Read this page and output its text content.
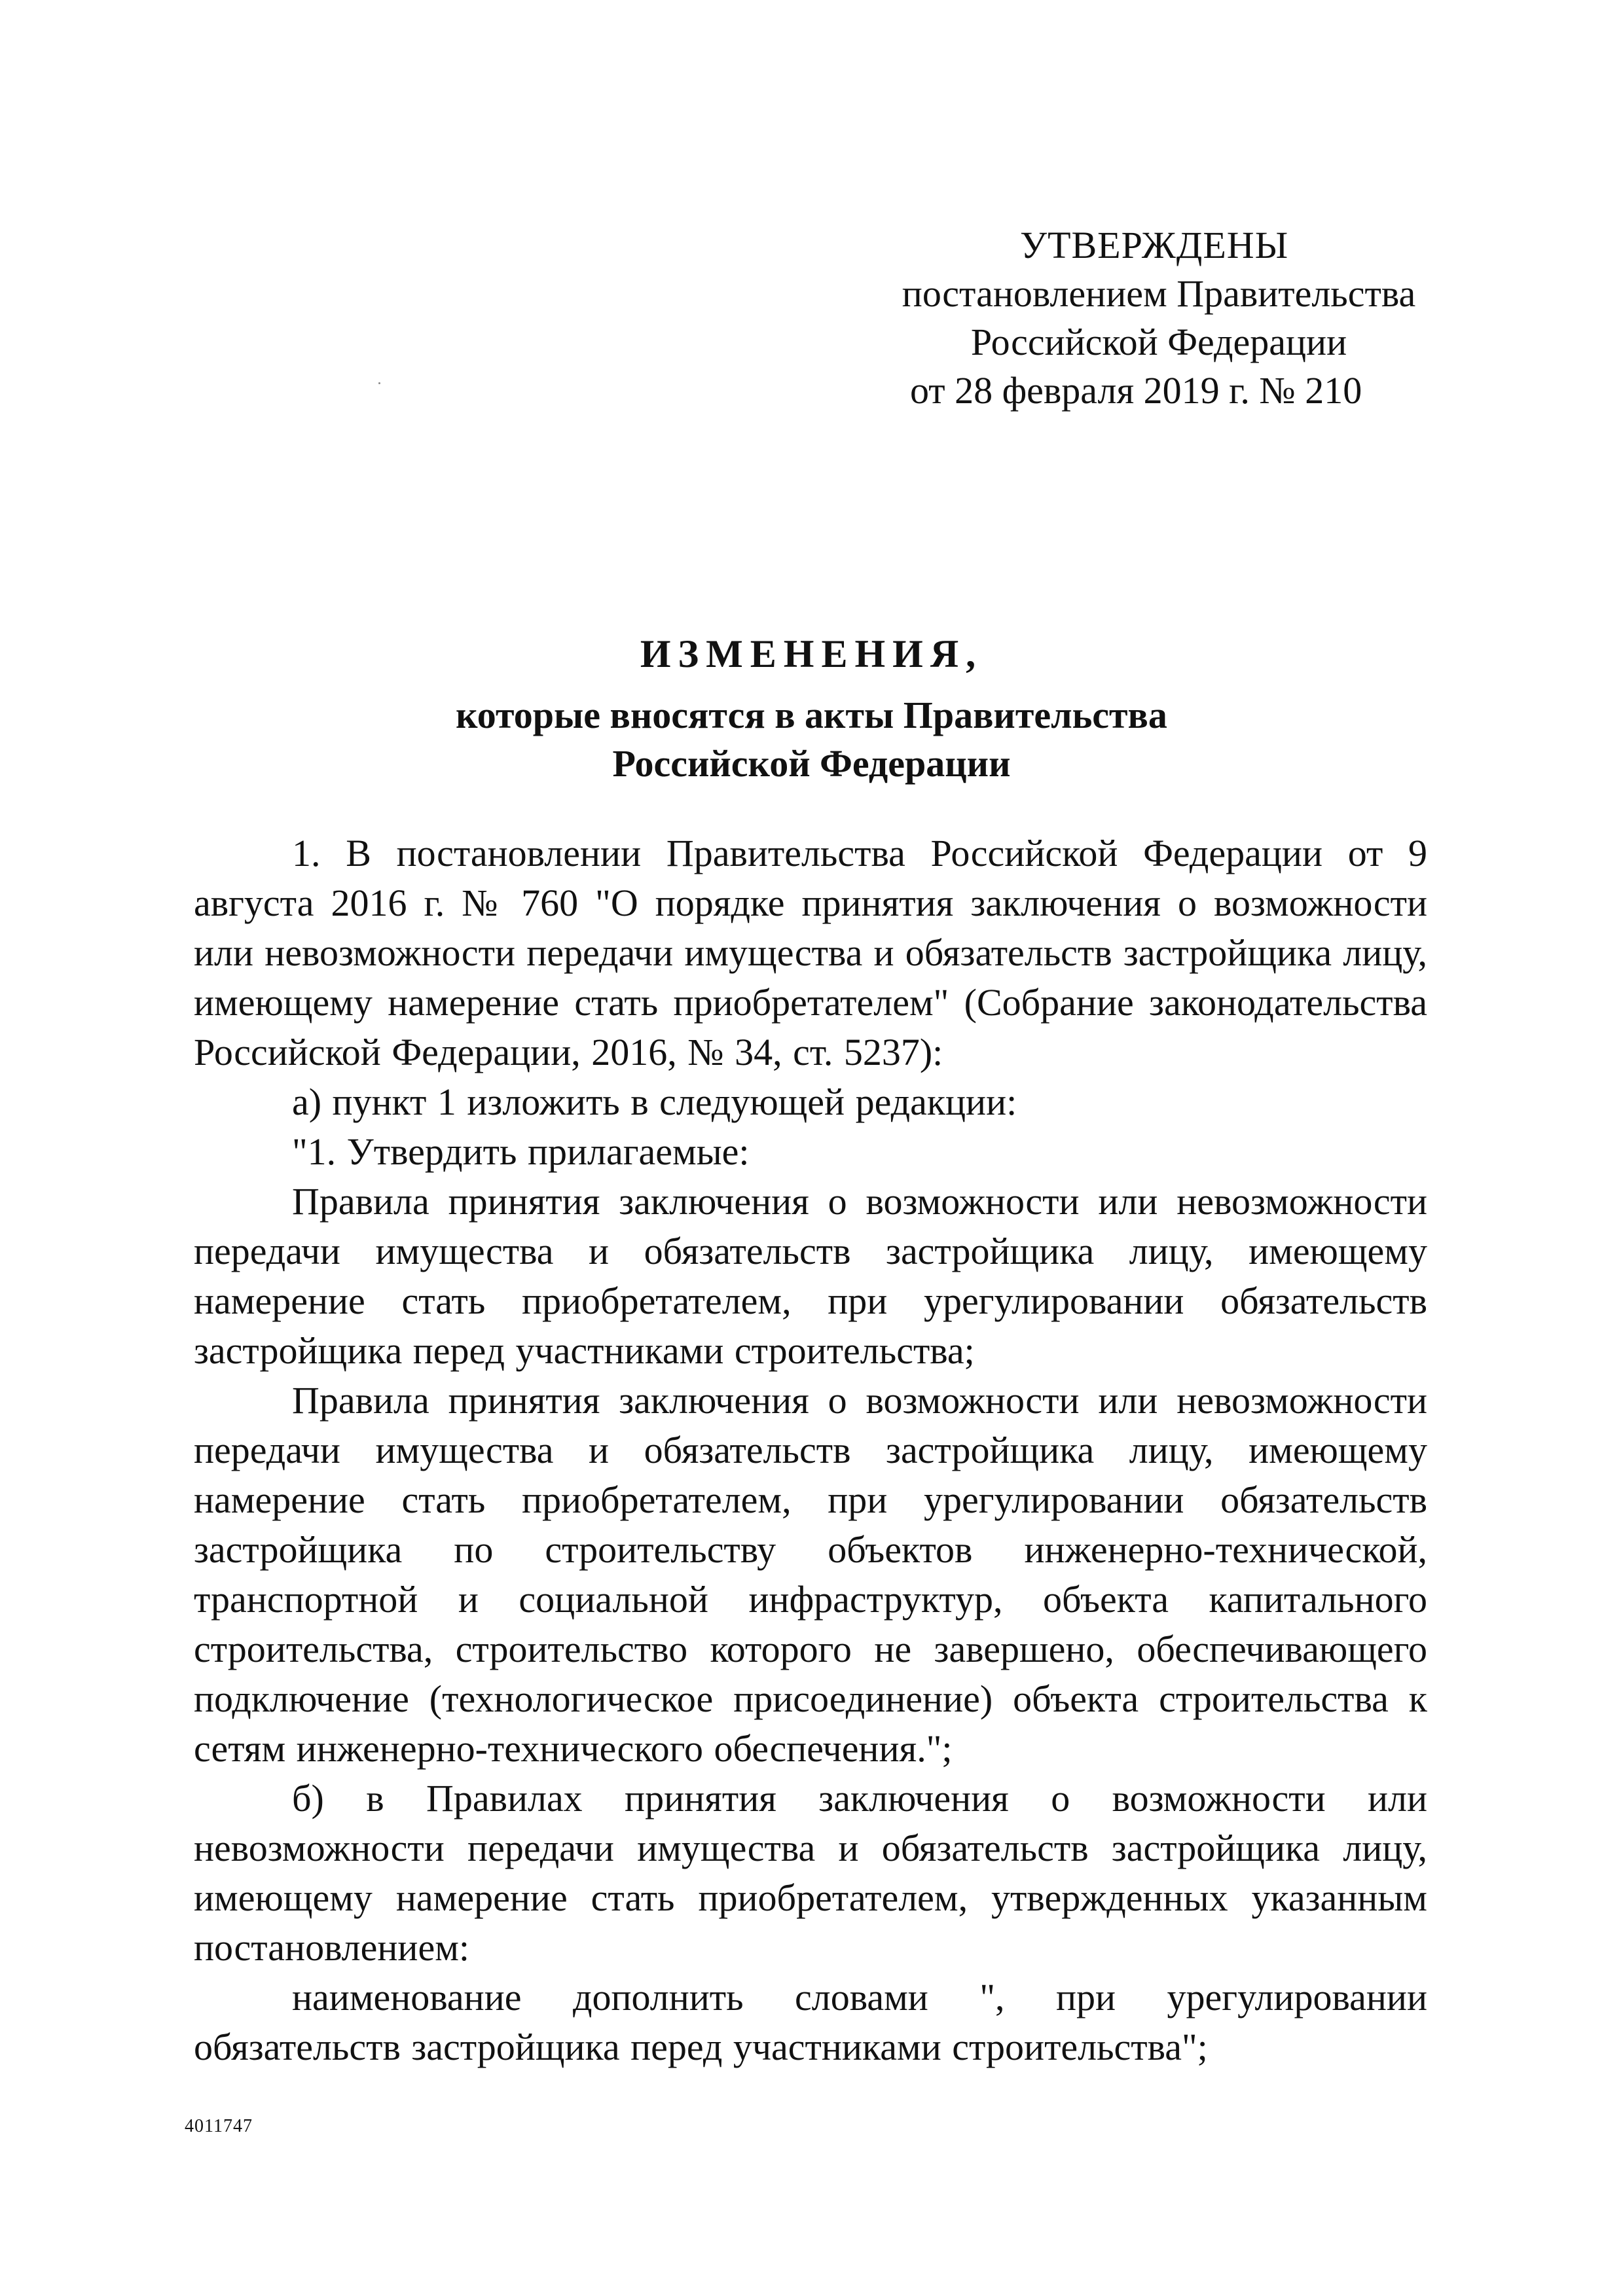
УТВЕРЖДЕНЫ
постановлением Правительства
Российской Федерации
от 28 февраля 2019 г. № 210
ИЗМЕНЕНИЯ,
которые вносятся в акты Правительства
Российской Федерации

1. В постановлении Правительства Российской Федерации от 9 августа 2016 г. № 760 "О порядке принятия заключения о возможности или невозможности передачи имущества и обязательств застройщика лицу, имеющему намерение стать приобретателем" (Собрание законодательства Российской Федерации, 2016, № 34, ст. 5237):

а) пункт 1 изложить в следующей редакции:

"1. Утвердить прилагаемые:

Правила принятия заключения о возможности или невозможности передачи имущества и обязательств застройщика лицу, имеющему намерение стать приобретателем, при урегулировании обязательств застройщика перед участниками строительства;

Правила принятия заключения о возможности или невозможности передачи имущества и обязательств застройщика лицу, имеющему намерение стать приобретателем, при урегулировании обязательств застройщика по строительству объектов инженерно-технической, транспортной и социальной инфраструктур, объекта капитального строительства, строительство которого не завершено, обеспечивающего подключение (технологическое присоединение) объекта строительства к сетям инженерно-технического обеспечения.";

б) в Правилах принятия заключения о возможности или невозможности передачи имущества и обязательств застройщика лицу, имеющему намерение стать приобретателем, утвержденных указанным постановлением:

наименование дополнить словами ", при урегулировании обязательств застройщика перед участниками строительства";

4011747
